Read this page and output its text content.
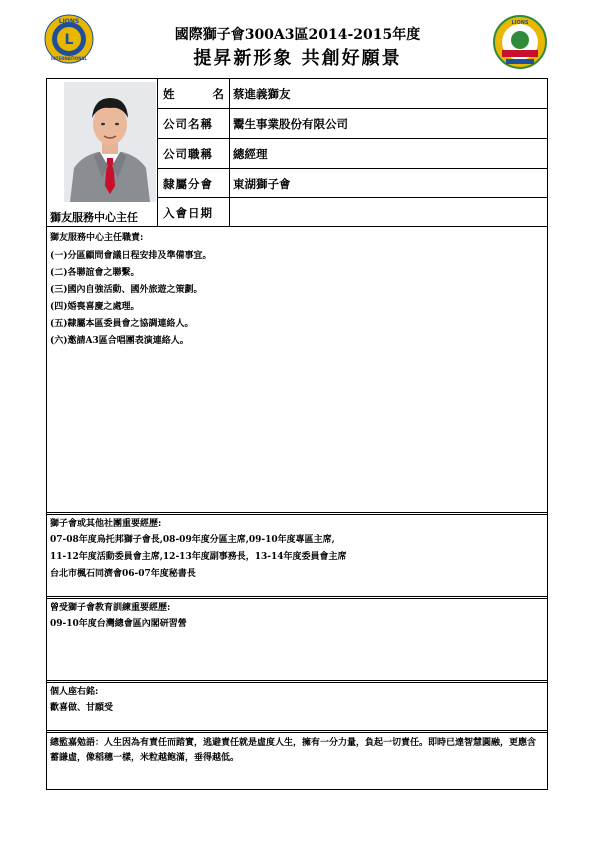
L
LIONS
INTERNATIONAL
LIONS
國際獅子會300A3區2014-2015年度
提昇新形象 共創好願景
獅友服務中心主任
姓　　名 蔡進義獅友
公司名稱 鬻生事業股份有限公司
公司職稱 總經理
隸屬分會 東湖獅子會
入會日期
獅友服務中心主任職責:
(一)分區顧問會議日程安排及準備事宜。
(二)各聯誼會之聯繫。
(三)國內自強活動、國外旅遊之策劃。
(四)婚喪喜慶之處理。
(五)隸屬本區委員會之協調連絡人。
(六)邀請A3區合唱團表演連絡人。
獅子會或其他社團重要經歷:
07-08年度烏托邦獅子會長,08-09年度分區主席,09-10年度專區主席,
11-12年度活動委員會主席,12-13年度副事務長，13-14年度委員會主席
台北市楓石同濟會06-07年度秘書長
曾受獅子會教育訓練重要經歷:
09-10年度台灣總會區內閣研習營
個人座右銘:
歡喜做、甘願受
總監嘉勉語：人生因為有責任而踏實，逃避責任就是虛度人生，擁有一分力量，負起一切責任。即時已達智慧圓融，更應含蓄謙虛，像稻穗一樣，米粒越飽滿，垂得越低。
